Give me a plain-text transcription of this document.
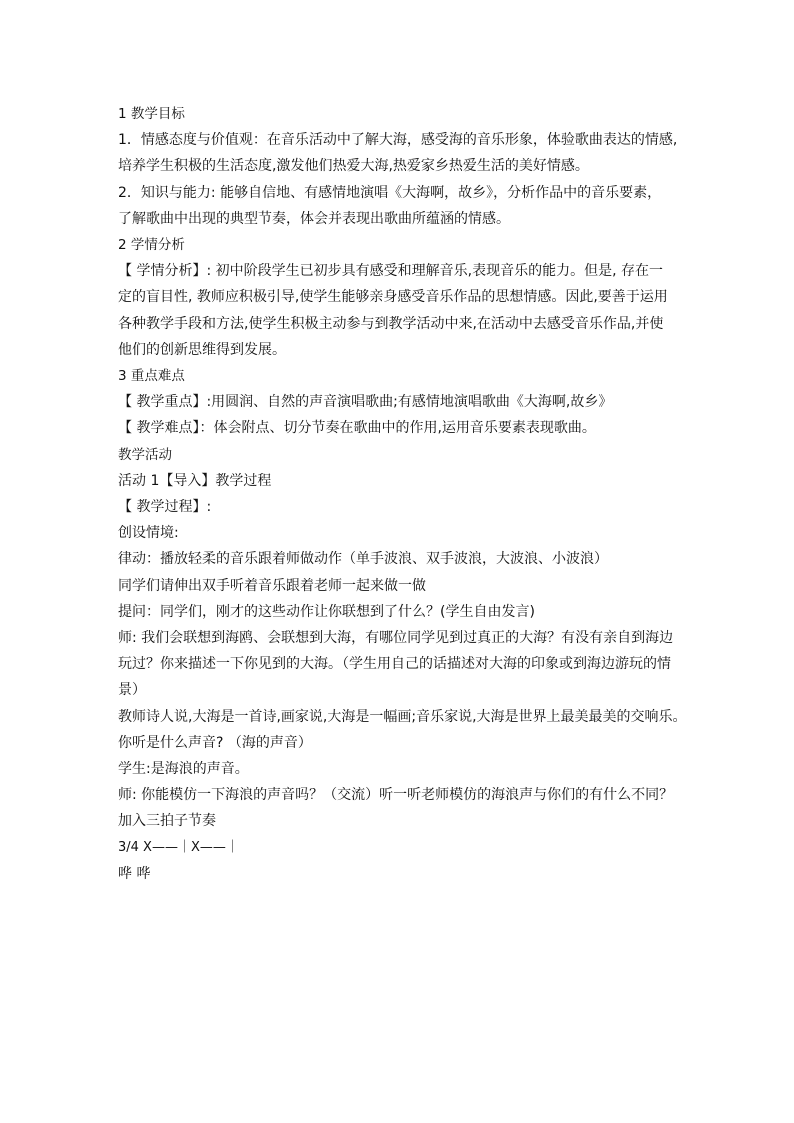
1 教学目标
1．情感态度与价值观：在音乐活动中了解大海，感受海的音乐形象，体验歌曲表达的情感,
培养学生积极的生活态度,激发他们热爱大海,热爱家乡热爱生活的美好情感。
2．知识与能力: 能够自信地、有感情地演唱《大海啊，故乡》，分析作品中的音乐要素，
了解歌曲中出现的典型节奏，体会并表现出歌曲所蕴涵的情感。
2 学情分析
【 学情分析】: 初中阶段学生已初步具有感受和理解音乐,表现音乐的能力。但是, 存在一
定的盲目性, 教师应积极引导,使学生能够亲身感受音乐作品的思想情感。因此,要善于运用
各种教学手段和方法,使学生积极主动参与到教学活动中来,在活动中去感受音乐作品,并使
他们的创新思维得到发展。
3 重点难点
【 教学重点】:用圆润、自然的声音演唱歌曲;有感情地演唱歌曲《大海啊,故乡》
【 教学难点】：体会附点、切分节奏在歌曲中的作用,运用音乐要素表现歌曲。
教学活动
活动 1【导入】教学过程
【 教学过程】:
创设情境:
律动：播放轻柔的音乐跟着师做动作（单手波浪、双手波浪，大波浪、小波浪）
同学们请伸出双手听着音乐跟着老师一起来做一做
提问：同学们，刚才的这些动作让你联想到了什么？(学生自由发言)
师: 我们会联想到海鸥、会联想到大海，有哪位同学见到过真正的大海？有没有亲自到海边
玩过？你来描述一下你见到的大海。（学生用自己的话描述对大海的印象或到海边游玩的情
景）
教师诗人说,大海是一首诗,画家说,大海是一幅画;音乐家说,大海是世界上最美最美的交响乐。
你听是什么声音? （海的声音）
学生:是海浪的声音。
师: 你能模仿一下海浪的声音吗？（交流）听一听老师模仿的海浪声与你们的有什么不同？
加入三拍子节奏
3/4 X——｜X——｜
哗 哗
